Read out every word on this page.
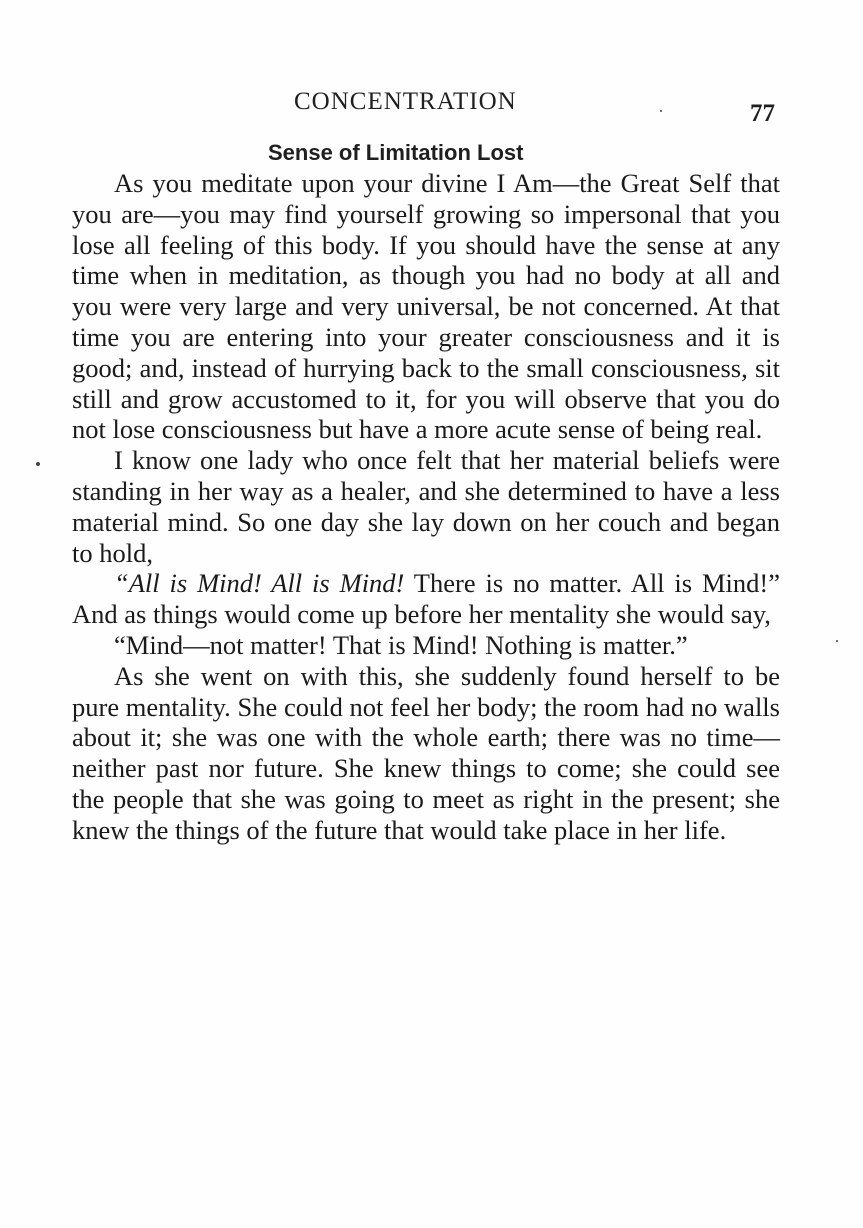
CONCENTRATION	77
Sense of Limitation Lost

As you meditate upon your divine I Am—the Great Self that you are—you may find yourself growing so impersonal that you lose all feeling of this body. If you should have the sense at any time when in meditation, as though you had no body at all and you were very large and very universal, be not concerned. At that time you are entering into your greater consciousness and it is good; and, instead of hurrying back to the small consciousness, sit still and grow accustomed to it, for you will observe that you do not lose consciousness but have a more acute sense of being real.

I know one lady who once felt that her material beliefs were standing in her way as a healer, and she determined to have a less material mind. So one day she lay down on her couch and began to hold,

“All is Mind! All is Mind! There is no matter. All is Mind!” And as things would come up before her mentality she would say,

“Mind—not matter! That is Mind! Nothing is matter.”

As she went on with this, she suddenly found herself to be pure mentality. She could not feel her body; the room had no walls about it; she was one with the whole earth; there was no time—neither past nor future. She knew things to come; she could see the people that she was going to meet as right in the present; she knew the things of the future that would take place in her life.
